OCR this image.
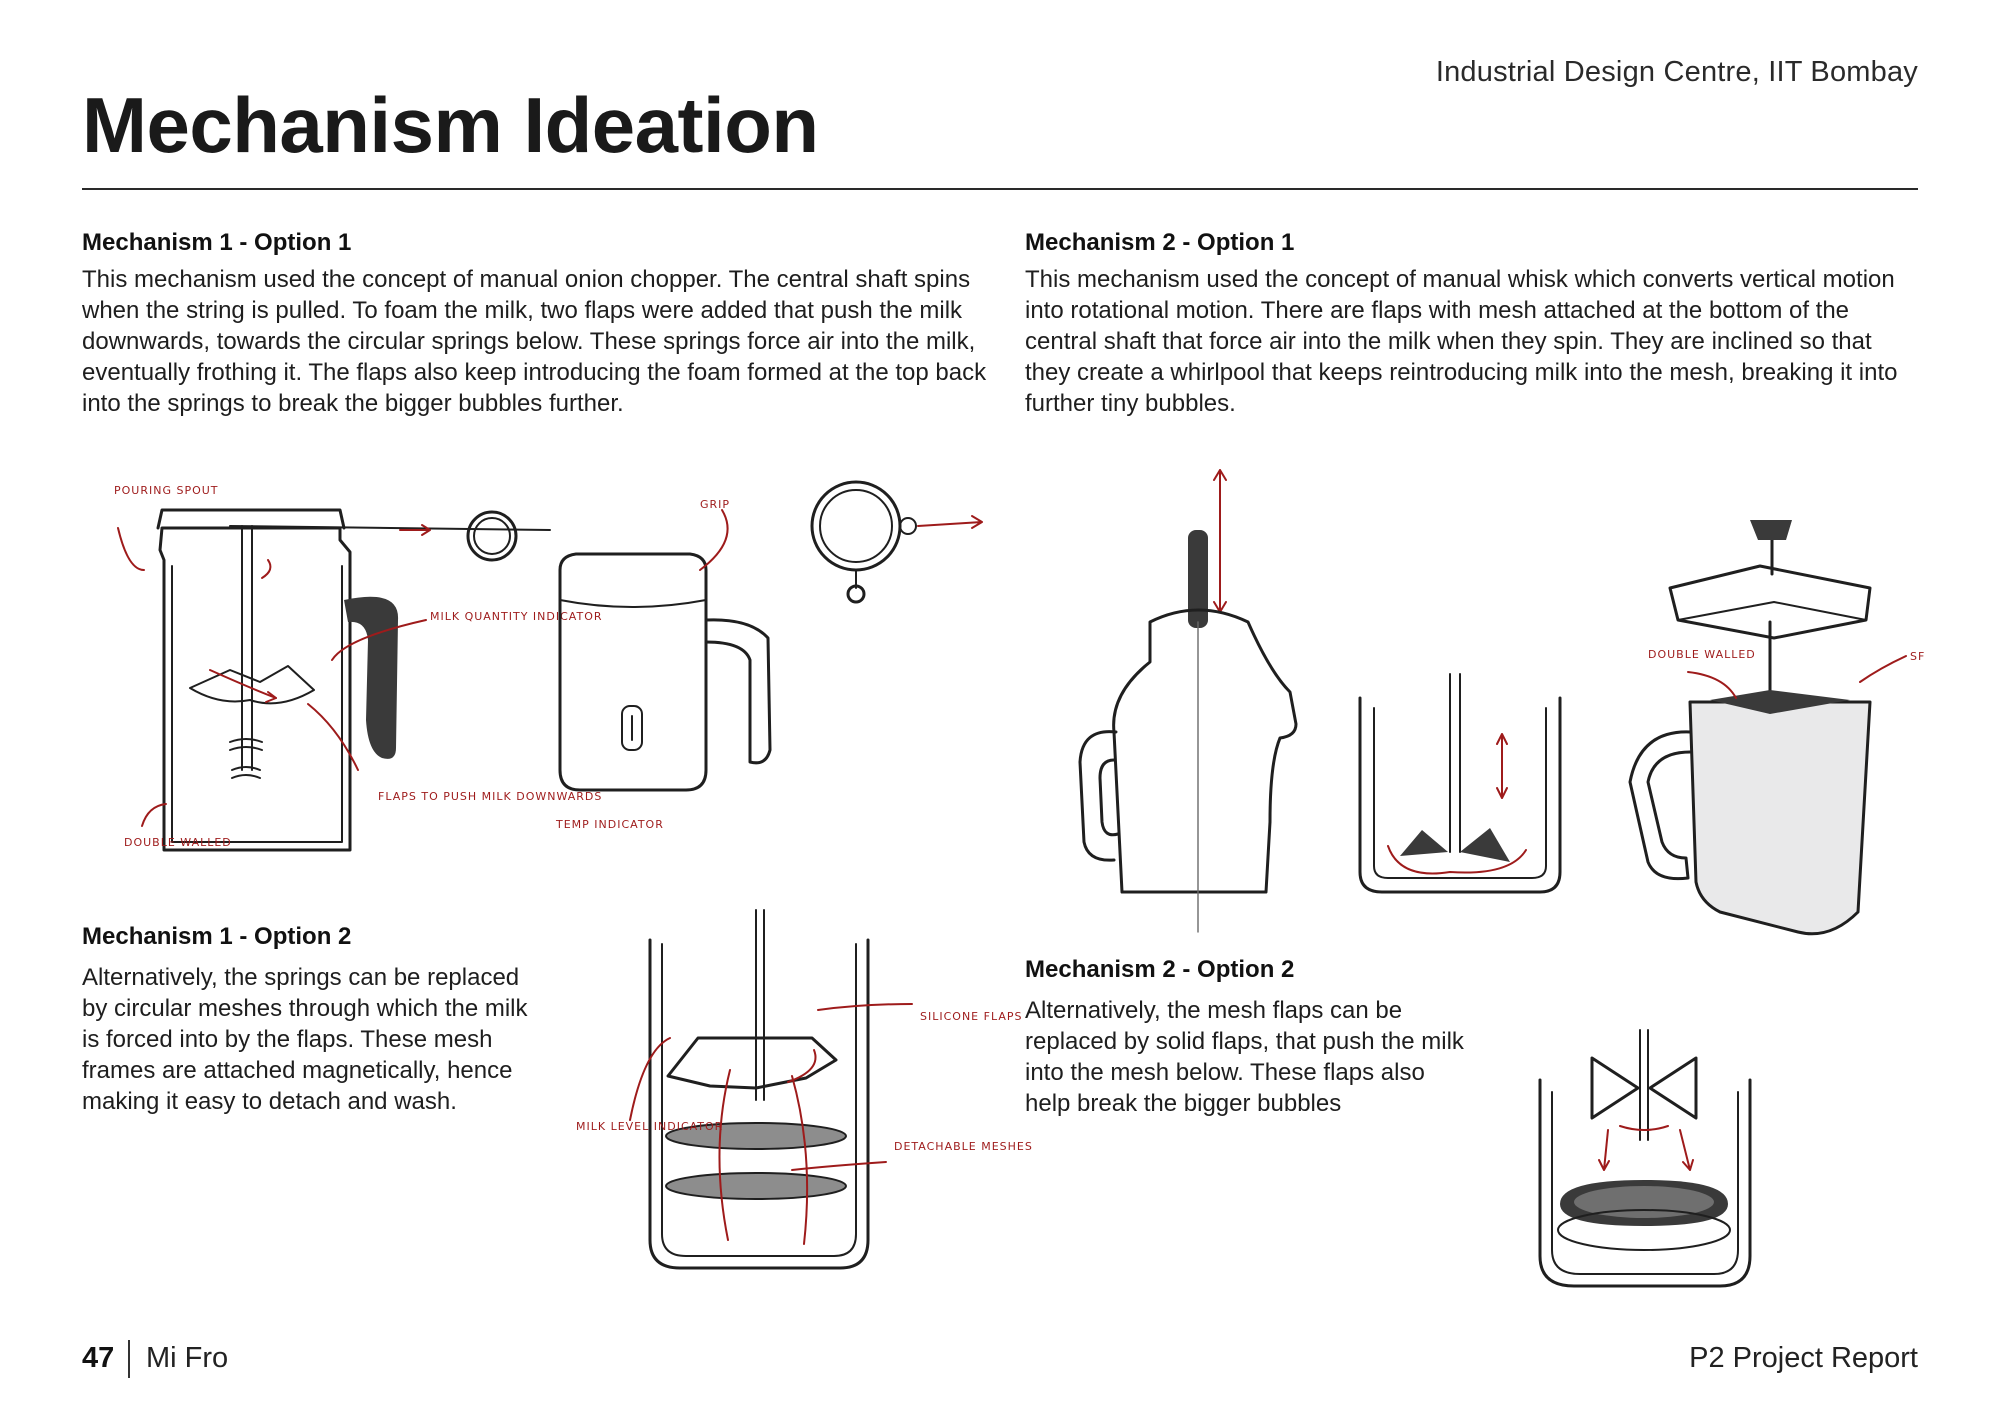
Industrial Design Centre, IIT Bombay
Mechanism Ideation
Mechanism 1 - Option 1

This mechanism used the concept of manual onion chopper. The central shaft spins when the string is pulled. To foam the milk, two flaps were added that push the milk downwards, towards the circular springs below. These springs force air into the milk, eventually frothing it. The flaps also keep introducing the foam formed at the top back into the springs to break the bigger bubbles further.

Mechanism 2 - Option 1

This mechanism used the concept of manual whisk which converts vertical motion into rotational motion. There are flaps with mesh attached at the bottom of the central shaft that force air into the milk when they spin. They are inclined so that they create a whirlpool that keeps reintroducing milk into the mesh, breaking it into further tiny bubbles.

POURING SPOUT
MILK QUANTITY INDICATOR
FLAPS TO PUSH MILK DOWNWARDS
DOUBLE WALLED
GRIP
TEMP INDICATOR
DOUBLE WALLED	SF
Mechanism 1 - Option 2

Alternatively, the springs can be replaced by circular meshes through which the milk is forced into by the flaps. These mesh frames are attached magnetically, hence making it easy to detach and wash.

SILICONE FLAPS
MILK LEVEL INDICATOR
DETACHABLE MESHES
Mechanism 2 - Option 2

Alternatively, the mesh flaps can be replaced by solid flaps, that push the milk into the mesh below. These flaps also help break the bigger bubbles

47 Mi Fro	P2 Project Report
